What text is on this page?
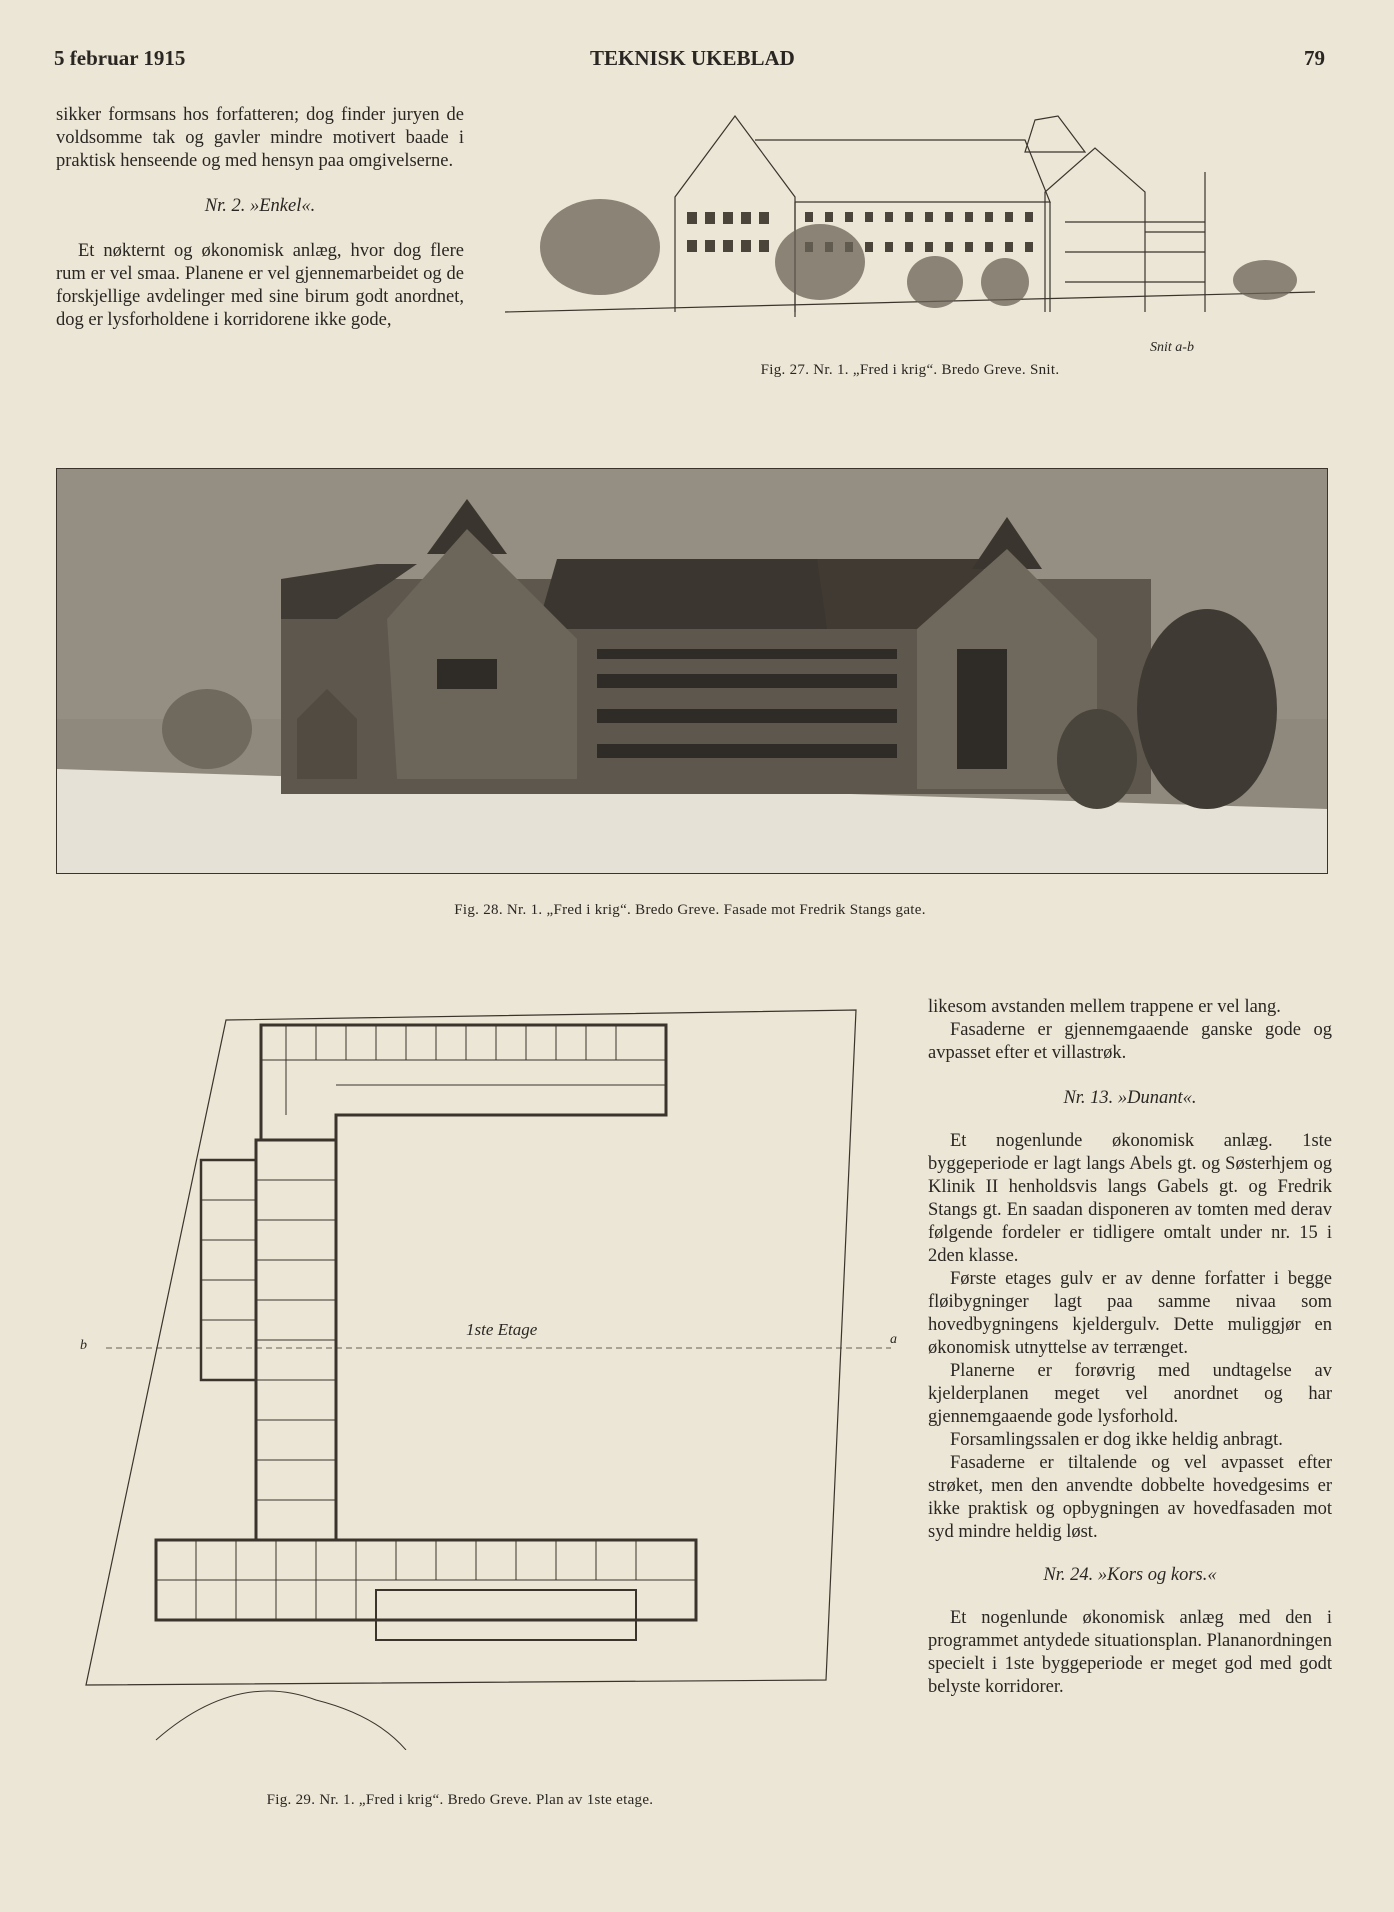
5 februar 1915	TEKNISK UKEBLAD	79

sikker formsans hos forfatteren; dog finder juryen de voldsomme tak og gavler mindre motivert baade i praktisk henseende og med hensyn paa omgivelserne.

Nr. 2. »Enkel«.

Et nøkternt og økonomisk anlæg, hvor dog flere rum er vel smaa. Planene er vel gjennemarbeidet og de forskjellige avdelinger med sine birum godt anordnet, dog er lysforholdene i korridorene ikke gode,

Snit a-b
Fig. 27. Nr. 1. „Fred i krig“. Bredo Greve. Snit.
Fig. 28. Nr. 1. „Fred i krig“. Bredo Greve. Fasade mot Fredrik Stangs gate.
1ste Etage
a
b
Fig. 29. Nr. 1. „Fred i krig“. Bredo Greve. Plan av 1ste etage.

likesom avstanden mellem trappene er vel lang.

Fasaderne er gjennemgaaende ganske gode og avpasset efter et villastrøk.

Nr. 13. »Dunant«.

Et nogenlunde økonomisk anlæg. 1ste byggeperiode er lagt langs Abels gt. og Søsterhjem og Klinik II henholdsvis langs Gabels gt. og Fredrik Stangs gt. En saadan disponeren av tomten med derav følgende fordeler er tidligere omtalt under nr. 15 i 2den klasse.

Første etages gulv er av denne forfatter i begge fløibygninger lagt paa samme nivaa som hovedbygningens kjeldergulv. Dette muliggjør en økonomisk utnyttelse av terrænget.

Planerne er forøvrig med undtagelse av kjelderplanen meget vel anordnet og har gjennemgaaende gode lysforhold.

Forsamlingssalen er dog ikke heldig anbragt.

Fasaderne er tiltalende og vel avpasset efter strøket, men den anvendte dobbelte hovedgesims er ikke praktisk og opbygningen av hovedfasaden mot syd mindre heldig løst.

Nr. 24. »Kors og kors.«

Et nogenlunde økonomisk anlæg med den i programmet antydede situationsplan. Plananordningen specielt i 1ste byggeperiode er meget god med godt belyste korridorer.
